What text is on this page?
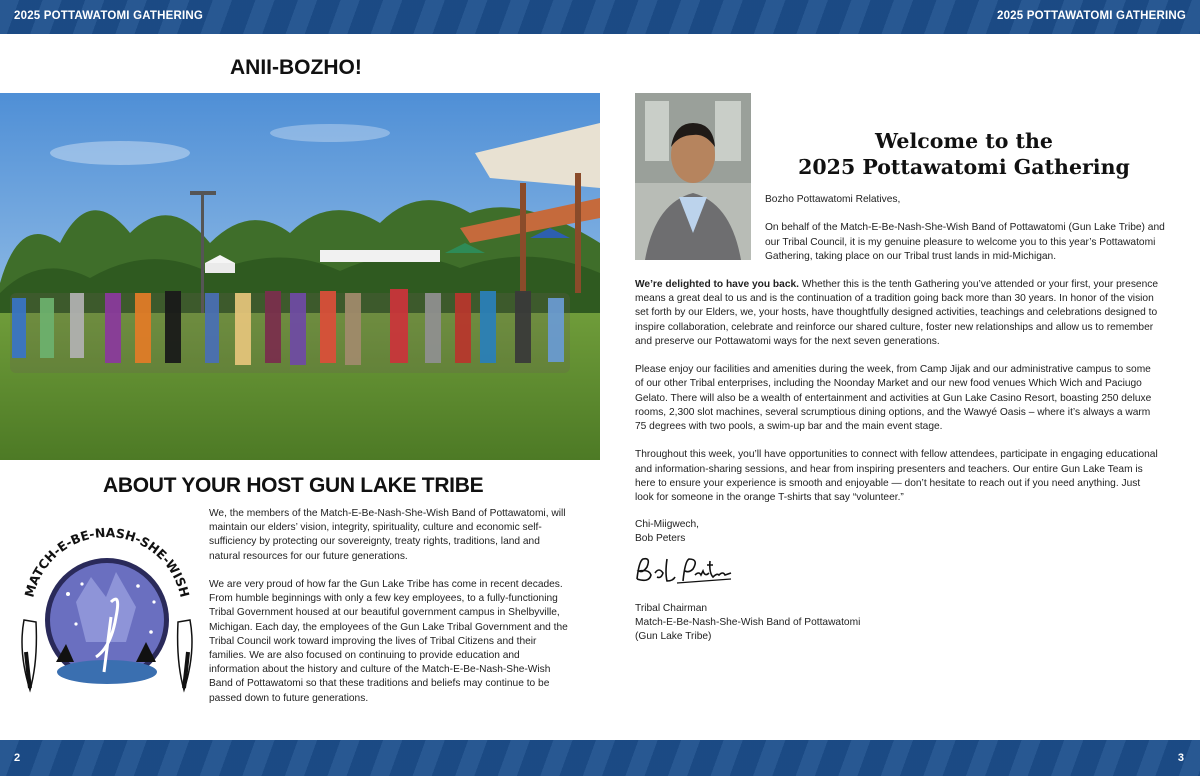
2025 POTTAWATOMI GATHERING	2025 POTTAWATOMI GATHERING
ANII-BOZHO!
ABOUT YOUR HOST GUN LAKE TRIBE
MATCH-E-BE-NASH-SHE-WISH

We, the members of the Match-E-Be-Nash-She-Wish Band of Pottawatomi, will maintain our elders’ vision, integrity, spirituality, culture and economic self-sufficiency by protecting our sovereignty, treaty rights, traditions, land and natural resources for our future generations.

We are very proud of how far the Gun Lake Tribe has come in recent decades. From humble beginnings with only a few key employees, to a fully-functioning Tribal Government housed at our beautiful government campus in Shelbyville, Michigan. Each day, the employees of the Gun Lake Tribal Government and the Tribal Council work toward improving the lives of Tribal Citizens and their families. We are also focused on continuing to provide education and information about the history and culture of the Match-E-Be-Nash-She-Wish Band of Pottawatomi so that these traditions and beliefs may continue to be passed down to future generations.

Welcome to the
2025 Pottawatomi Gathering

Bozho Pottawatomi Relatives,

On behalf of the Match-E-Be-Nash-She-Wish Band of Pottawatomi (Gun Lake Tribe) and our Tribal Council, it is my genuine pleasure to welcome you to this year’s Pottawatomi Gathering, taking place on our Tribal trust lands in mid-Michigan.

We’re delighted to have you back. Whether this is the tenth Gathering you’ve attended or your first, your presence means a great deal to us and is the continuation of a tradition going back more than 30 years. In honor of the vision set forth by our Elders, we, your hosts, have thoughtfully designed activities, teachings and celebrations designed to inspire collaboration, celebrate and reinforce our shared culture, foster new relationships and allow us to remember and preserve our Pottawatomi ways for the next seven generations.

Please enjoy our facilities and amenities during the week, from Camp Jijak and our administrative campus to some of our other Tribal enterprises, including the Noonday Market and our new food venues Which Wich and Paciugo Gelato. There will also be a wealth of entertainment and activities at Gun Lake Casino Resort, boasting 250 deluxe rooms, 2,300 slot machines, several scrumptious dining options, and the Wawyé Oasis – where it’s always a warm 75 degrees with two pools, a swim-up bar and the main event stage.

Throughout this week, you’ll have opportunities to connect with fellow attendees, participate in engaging educational and information-sharing sessions, and hear from inspiring presenters and teachers. Our entire Gun Lake Team is here to ensure your experience is smooth and enjoyable — don’t hesitate to reach out if you need anything. Just look for someone in the orange T-shirts that say “volunteer.”

Chi-Miigwech,
Bob Peters
Tribal Chairman
Match-E-Be-Nash-She-Wish Band of Pottawatomi
(Gun Lake Tribe)
2	3
